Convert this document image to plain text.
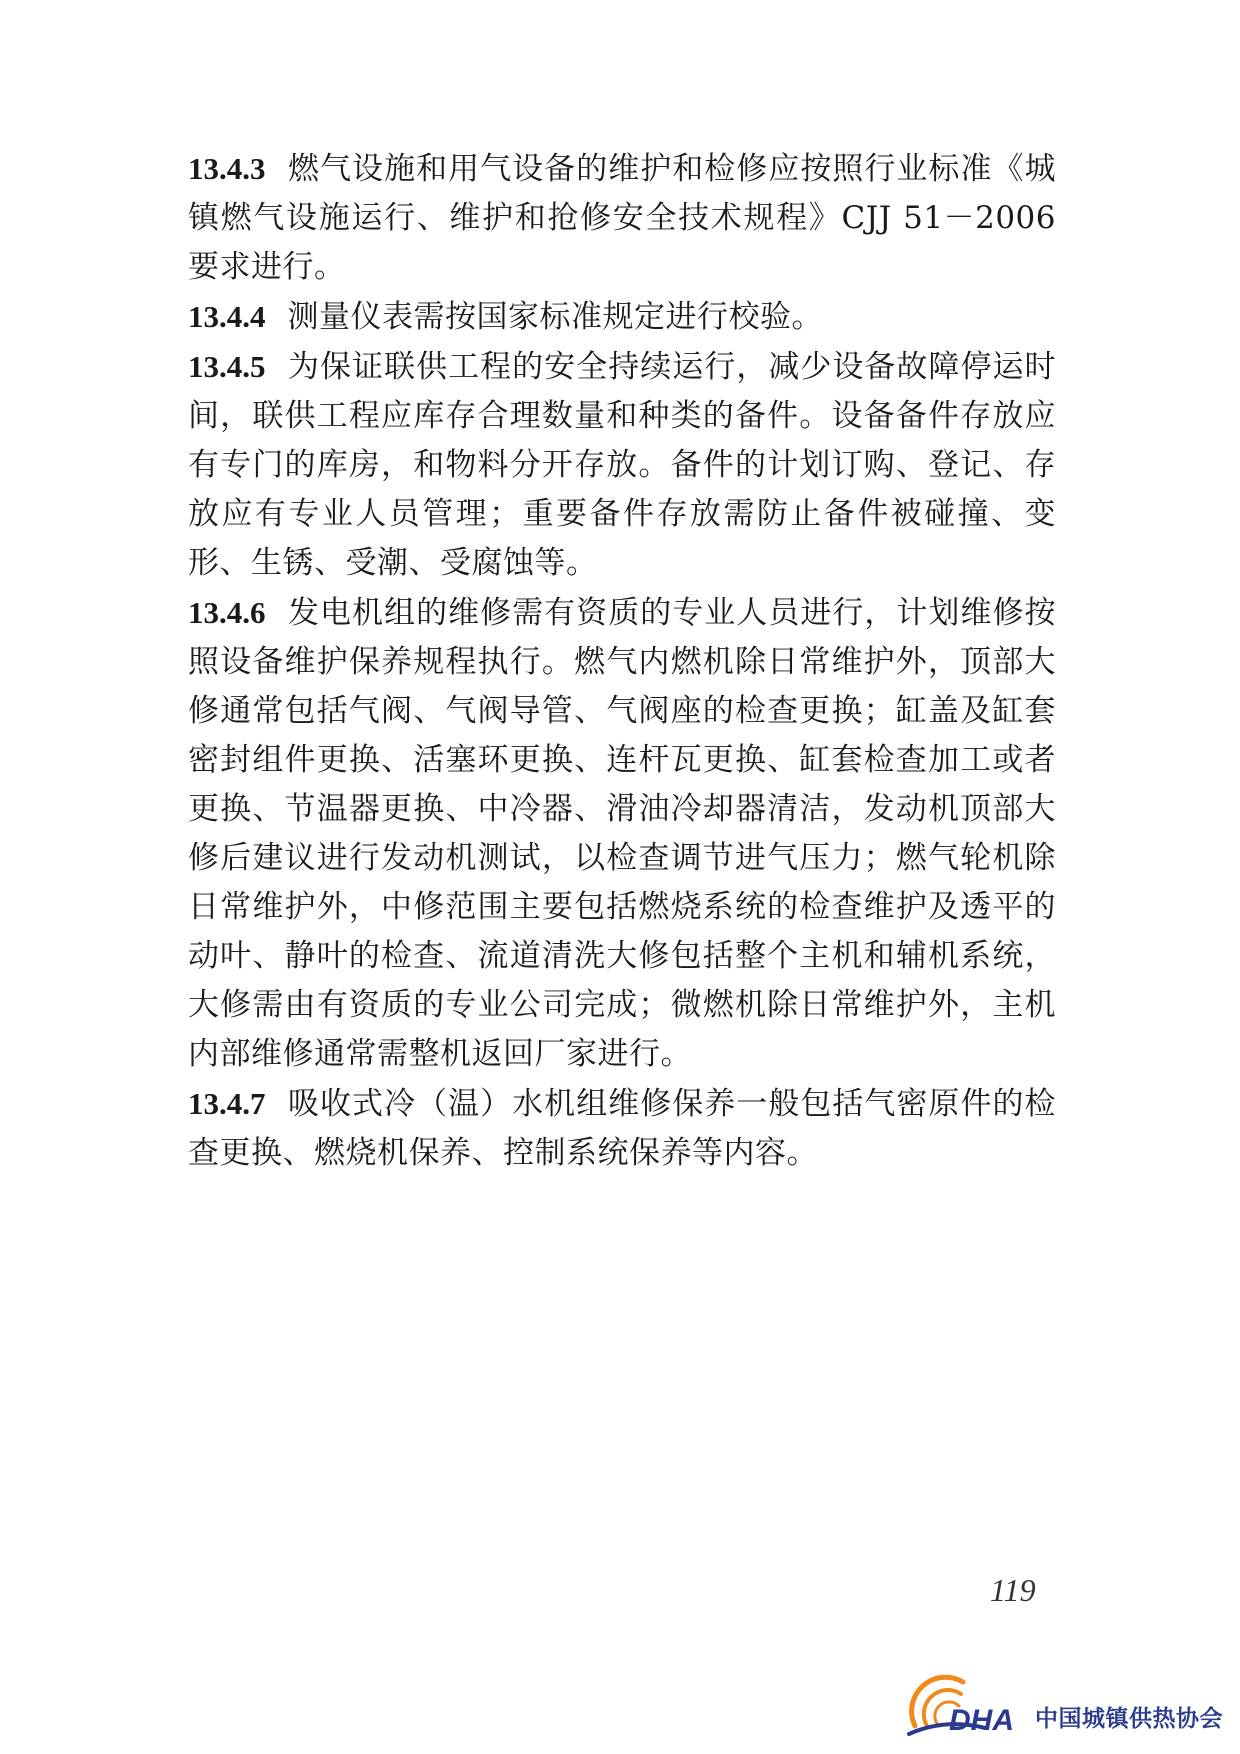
13.4.3 燃气设施和用气设备的维护和检修应按照行业标准《城镇燃气设施运行、维护和抢修安全技术规程》CJJ 51－2006要求进行。

13.4.4 测量仪表需按国家标准规定进行校验。

13.4.5 为保证联供工程的安全持续运行，减少设备故障停运时间，联供工程应库存合理数量和种类的备件。设备备件存放应有专门的库房，和物料分开存放。备件的计划订购、登记、存放应有专业人员管理；重要备件存放需防止备件被碰撞、变形、生锈、受潮、受腐蚀等。

13.4.6 发电机组的维修需有资质的专业人员进行，计划维修按照设备维护保养规程执行。燃气内燃机除日常维护外，顶部大修通常包括气阀、气阀导管、气阀座的检查更换；缸盖及缸套密封组件更换、活塞环更换、连杆瓦更换、缸套检查加工或者更换、节温器更换、中冷器、滑油冷却器清洁，发动机顶部大修后建议进行发动机测试，以检查调节进气压力；燃气轮机除日常维护外，中修范围主要包括燃烧系统的检查维护及透平的动叶、静叶的检查、流道清洗大修包括整个主机和辅机系统，大修需由有资质的专业公司完成；微燃机除日常维护外，主机内部维修通常需整机返回厂家进行。

13.4.7 吸收式冷（温）水机组维修保养一般包括气密原件的检查更换、燃烧机保养、控制系统保养等内容。

119
DHA 中国城镇供热协会
